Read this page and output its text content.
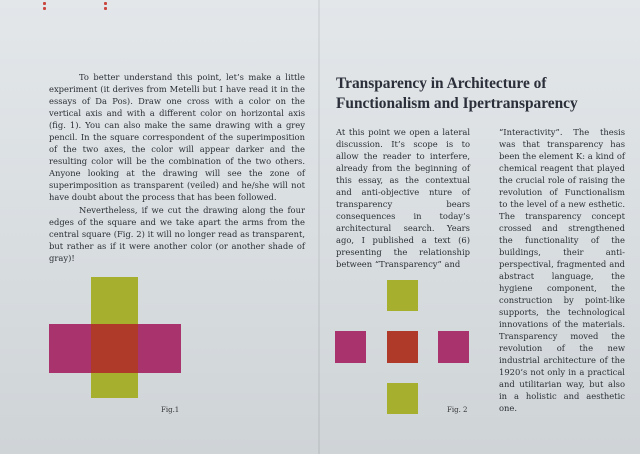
To better understand this point, let’s make a little experiment (it derives from Metelli but I have read it in the essays of Da Pos). Draw one cross with a color on the vertical axis and with a different color on horizontal axis (fig. 1). You can also make the same drawing with a grey pencil. In the square correspondent of the superimposition of the two axes, the color will appear darker and the resulting color will be the combination of the two others. Anyone looking at the drawing will see the zone of superimposition as transparent (veiled) and he/she will not have doubt about the process that has been followed.

Nevertheless, if we cut the drawing along the four edges of the square and we take apart the arms from the central square (Fig. 2) it will no longer read as transparent, but rather as if it were another color (or another shade of gray)!

Fig.1
Transparency in Architecture of Functionalism and Ipertransparency

At this point we open a lateral discussion. It’s scope is to allow the reader to interfere, already from the beginning of this essay, as the contextual and anti-objective nture of transparency bears consequences in today’s architectural search. Years ago, I published a text (6) presenting the relationship between “Transparency” and

“Interactivity”. The thesis was that transparency has been the element K: a kind of chemical reagent that played the crucial role of raising the revolution of Functionalism to the level of a new esthetic. The transparency concept crossed and strengthened the functionality of the buildings, their anti- perspectival, fragmented and abstract language, the hygiene component, the construction by point-like supports, the technological innovations of the materials. Transparency moved the revolution of the new industrial architecture of the 1920’s not only in a practical and utilitarian way, but also in a holistic and aesthetic one.

Fig. 2
